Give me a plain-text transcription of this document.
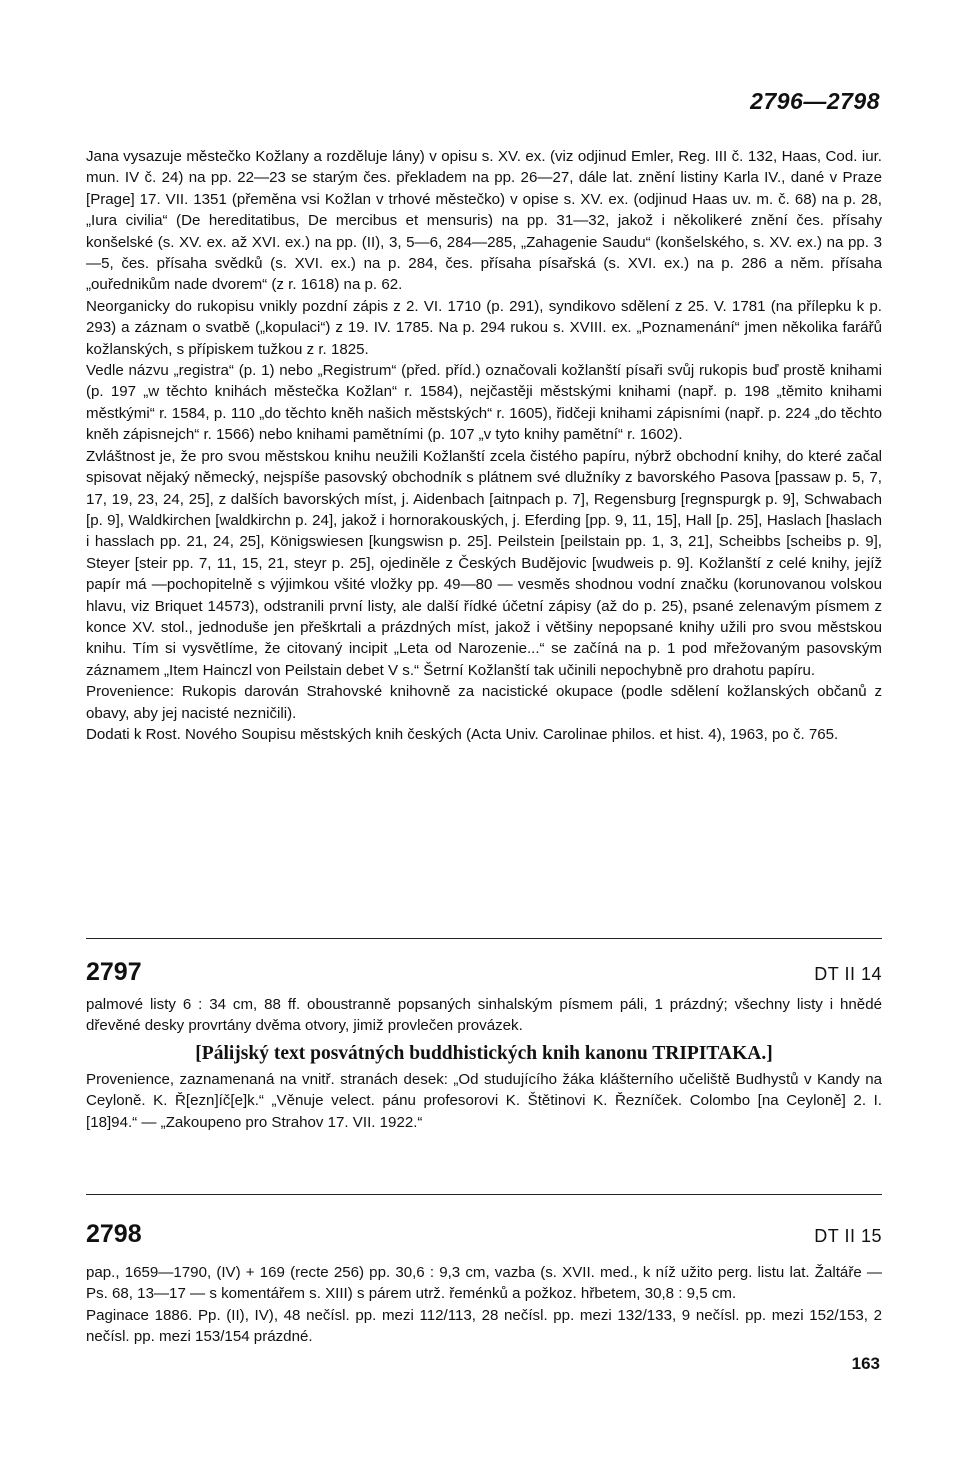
2796—2798

Jana vysazuje městečko Kožlany a rozděluje lány) v opisu s. XV. ex. (viz odjinud Emler, Reg. III č. 132, Haas, Cod. iur. mun. IV č. 24) na pp. 22—23 se starým čes. překladem na pp. 26—27, dále lat. znění listiny Karla IV., dané v Praze [Prage] 17. VII. 1351 (přeměna vsi Kožlan v trhové městečko) v opise s. XV. ex. (odjinud Haas uv. m. č. 68) na p. 28, „Iura civilia“ (De hereditatibus, De mercibus et mensuris) na pp. 31—32, jakož i několikeré znění čes. přísahy konšelské (s. XV. ex. až XVI. ex.) na pp. (II), 3, 5—6, 284—285, „Zahagenie Saudu“ (konšelského, s. XV. ex.) na pp. 3—5, čes. přísaha svědků (s. XVI. ex.) na p. 284, čes. přísaha písařská (s. XVI. ex.) na p. 286 a něm. přísaha „ouřednikům nade dvorem“ (z r. 1618) na p. 62.

Neorganicky do rukopisu vnikly pozdní zápis z 2. VI. 1710 (p. 291), syndikovo sdělení z 25. V. 1781 (na přílepku k p. 293) a záznam o svatbě („kopulaci“) z 19. IV. 1785. Na p. 294 rukou s. XVIII. ex. „Poznamenání“ jmen několika farářů kožlanských, s přípiskem tužkou z r. 1825.

Vedle názvu „registra“ (p. 1) nebo „Registrum“ (před. příd.) označovali kožlanští písaři svůj rukopis buď prostě knihami (p. 197 „w těchto knihách městečka Kožlan“ r. 1584), nejčastěji městskými knihami (např. p. 198 „těmito knihami městkými“ r. 1584, p. 110 „do těchto kněh našich městských“ r. 1605), řidčeji knihami zápisními (např. p. 224 „do těchto kněh zápisnejch“ r. 1566) nebo knihami pamětními (p. 107 „v tyto knihy pamětní“ r. 1602).

Zvláštnost je, že pro svou městskou knihu neužili Kožlanští zcela čistého papíru, nýbrž obchodní knihy, do které začal spisovat nějaký německý, nejspíše pasovský obchodník s plátnem své dlužníky z bavorského Pasova [passaw p. 5, 7, 17, 19, 23, 24, 25], z dalších bavorských míst, j. Aidenbach [aitnpach p. 7], Regensburg [regnspurgk p. 9], Schwabach [p. 9], Waldkirchen [waldkirchn p. 24], jakož i hornorakouských, j. Eferding [pp. 9, 11, 15], Hall [p. 25], Haslach [haslach i hasslach pp. 21, 24, 25], Königswiesen [kungswisn p. 25]. Peilstein [peilstain pp. 1, 3, 21], Scheibbs [scheibs p. 9], Steyer [steir pp. 7, 11, 15, 21, steyr p. 25], ojediněle z Českých Budějovic [wudweis p. 9]. Kožlanští z celé knihy, jejíž papír má —pochopitelně s výjimkou všité vložky pp. 49—80 — vesměs shodnou vodní značku (korunovanou volskou hlavu, viz Briquet 14573), odstranili první listy, ale další řídké účetní zápisy (až do p. 25), psané zelenavým písmem z konce XV. stol., jednoduše jen přeškrtali a prázdných míst, jakož i většiny nepopsané knihy užili pro svou městskou knihu. Tím si vysvětlíme, že citovaný incipit „Leta od Narozenie...“ se začíná na p. 1 pod mřežovaným pasovským záznamem „Item Hainczl von Peilstain debet V s.“ Šetrní Kožlanští tak učinili nepochybně pro drahotu papíru.

Provenience: Rukopis darován Strahovské knihovně za nacistické okupace (podle sdělení kožlanských občanů z obavy, aby jej nacisté nezničili).

Dodati k Rost. Nového Soupisu městských knih českých (Acta Univ. Carolinae philos. et hist. 4), 1963, po č. 765.

2797	DT II 14

palmové listy 6 : 34 cm, 88 ff. oboustranně popsaných sinhalským písmem páli, 1 prázdný; všechny listy i hnědé dřevěné desky provrtány dvěma otvory, jimiž provlečen provázek.

[Pálijský text posvátných buddhistických knih kanonu TRIPITAKA.]

Provenience, zaznamenaná na vnitř. stranách desek: „Od studujícího žáka klášterního učeliště Budhystů v Kandy na Ceyloně. K. Ř[ezn]íč[e]k.“ „Věnuje velect. pánu profesorovi K. Štětinovi K. Řezníček. Colombo [na Ceyloně] 2. I. [18]94.“ — „Zakoupeno pro Strahov 17. VII. 1922.“

2798	DT II 15

pap., 1659—1790, (IV) + 169 (recte 256) pp. 30,6 : 9,3 cm, vazba (s. XVII. med., k níž užito perg. listu lat. Žaltáře — Ps. 68, 13—17 — s komentářem s. XIII) s párem utrž. řeménků a požkoz. hřbetem, 30,8 : 9,5 cm.

Paginace 1886. Pp. (II), IV), 48 nečísl. pp. mezi 112/113, 28 nečísl. pp. mezi 132/133, 9 nečísl. pp. mezi 152/153, 2 nečísl. pp. mezi 153/154 prázdné.

163
